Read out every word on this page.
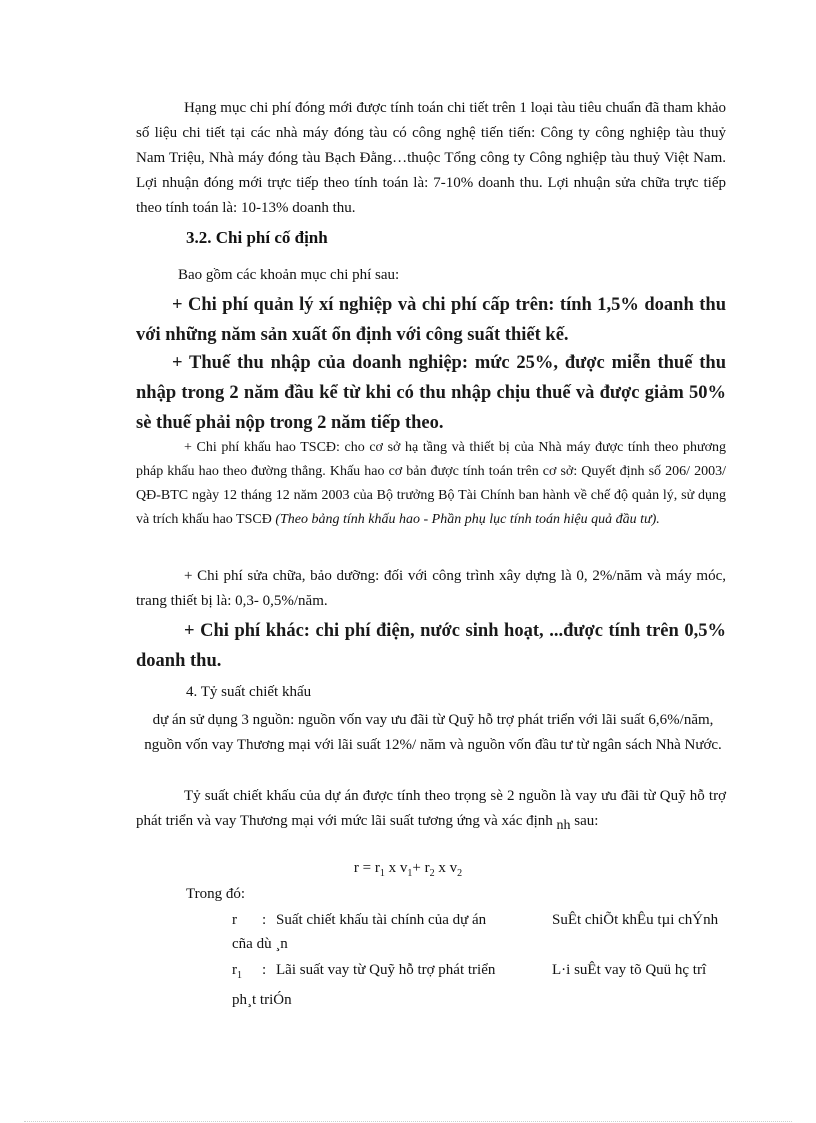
Hạng mục chi phí đóng mới được tính toán chi tiết trên 1 loại tàu tiêu chuẩn đã tham khảo số liệu chi tiết tại các nhà máy đóng tàu có công nghệ tiến tiến: Công ty công nghiệp tàu thuỷ Nam Triệu, Nhà máy đóng tàu Bạch Đằng…thuộc Tổng công ty Công nghiệp tàu thuỷ Việt Nam. Lợi nhuận đóng mới trực tiếp theo tính toán là: 7-10% doanh thu. Lợi nhuận sửa chữa trực tiếp theo tính toán là: 10-13% doanh thu.

3.2. Chi phí cố định

Bao gồm các khoản mục chi phí sau:

+ Chi phí quản lý xí nghiệp và chi phí cấp trên: tính 1,5% doanh thu với những năm sản xuất ổn định với công suất thiết kế.

+ Thuế thu nhập của doanh nghiệp: mức 25%, được miễn thuế thu nhập trong 2 năm đầu kể từ khi có thu nhập chịu thuế và được giảm 50% sè thuế phải nộp trong 2 năm tiếp theo.

+ Chi phí khấu hao TSCĐ: cho cơ sở hạ tầng và thiết bị của Nhà máy được tính theo phương pháp khấu hao theo đường thẳng. Khấu hao cơ bản được tính toán trên cơ sở: Quyết định số 206/ 2003/ QĐ-BTC ngày 12 tháng 12 năm 2003 của Bộ trưởng Bộ Tài Chính ban hành về chế độ quản lý, sử dụng và trích khấu hao TSCĐ (Theo bảng tính khấu hao - Phần phụ lục tính toán hiệu quả đầu tư).

+ Chi phí sửa chữa, bảo dưỡng: đối với công trình xây dựng là 0, 2%/năm và máy móc, trang thiết bị là: 0,3- 0,5%/năm.

+ Chi phí khác: chi phí điện, nước sinh hoạt, ...được tính trên 0,5% doanh thu.

4. Tỷ suất chiết khấu

dự án sử dụng 3 nguồn: nguồn vốn vay ưu đãi từ Quỹ hỗ trợ phát triển với lãi suất 6,6%/năm, nguồn vốn vay Thương mại với lãi suất 12%/ năm và nguồn vốn đầu tư từ ngân sách Nhà Nước.

Tỷ suất chiết khấu của dự án được tính theo trọng sè 2 nguồn là vay ưu đãi từ Quỹ hỗ trợ phát triển và vay Thương mại với mức lãi suất tương ứng và xác định nh sau:

$r = r_1$ x $v_1+ r_2$ x $v_2$

Trong đó:

r : Suất chiết khấu tài chính của dự án	SuÊt chiÕt khÊu tµi chÝnh cña dù ¸n
$r_1$ : Lãi suất vay từ Quỹ hỗ trợ phát triển	L·i suÊt vay tõ Quü hç trî ph¸t triÓn
